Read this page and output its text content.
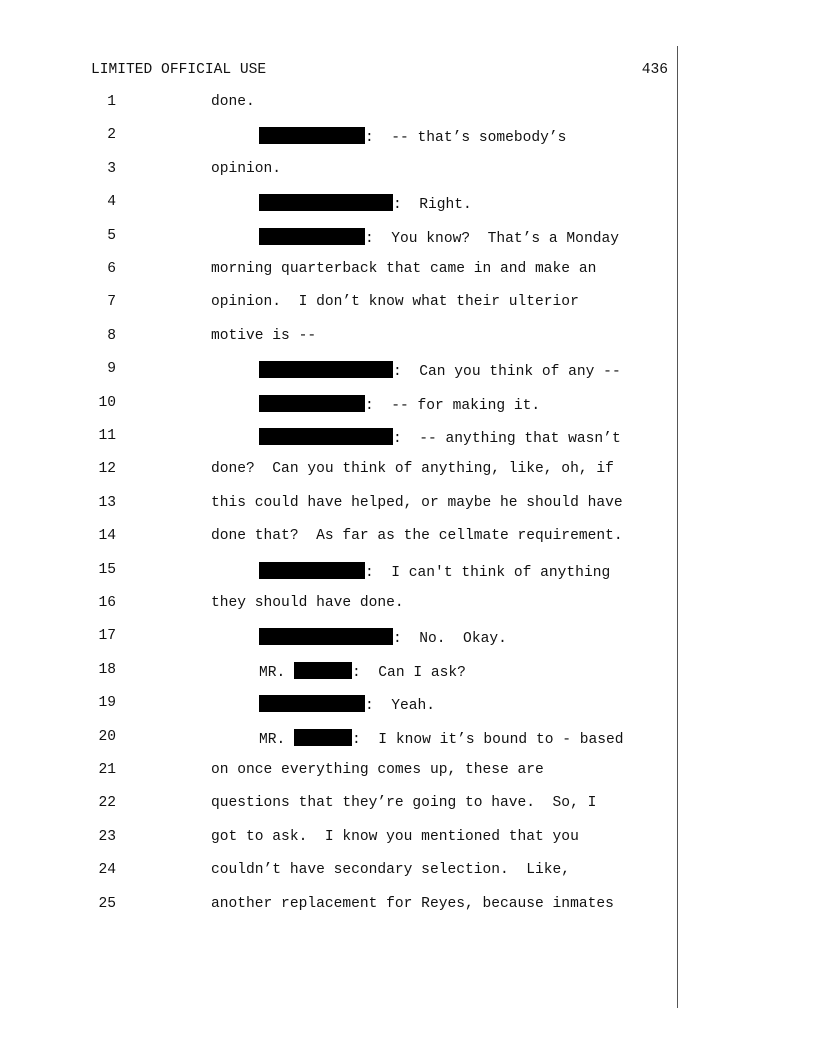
LIMITED OFFICIAL USE	436
1	done.
2	:  -- that’s somebody’s
3	opinion.
4	:  Right.
5	:  You know?  That’s a Monday
6	morning quarterback that came in and make an
7	opinion.  I don’t know what their ulterior
8	motive is --
9	:  Can you think of any --
10	:  -- for making it.
11	:  -- anything that wasn’t
12	done?  Can you think of anything, like, oh, if
13	this could have helped, or maybe he should have
14	done that?  As far as the cellmate requirement.
15	:  I can't think of anything
16	they should have done.
17	:  No.  Okay.
18	MR.	:  Can I ask?
19	:  Yeah.
20	MR.	:  I know it’s bound to - based
21	on once everything comes up, these are
22	questions that they’re going to have.  So, I
23	got to ask.  I know you mentioned that you
24	couldn’t have secondary selection.  Like,
25	another replacement for Reyes, because inmates
